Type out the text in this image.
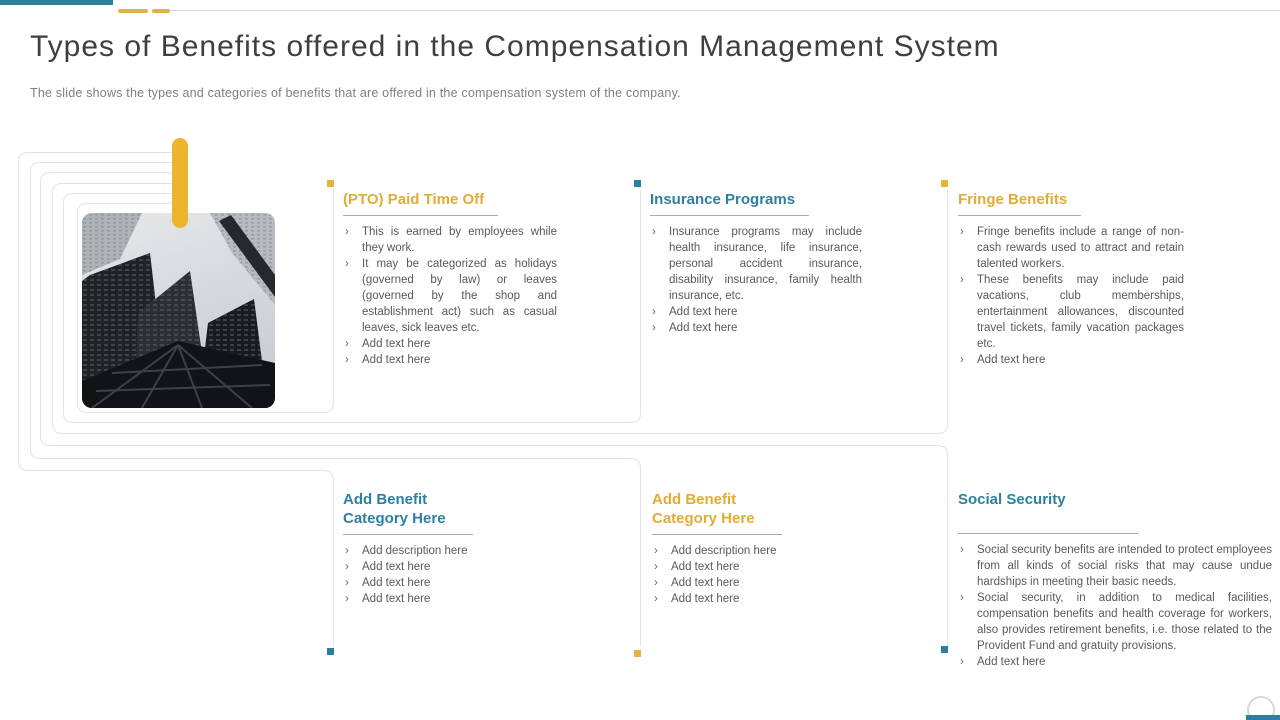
Types of Benefits offered in the Compensation Management System

The slide shows the types and categories of benefits that are offered in the compensation system of the company.

(PTO) Paid Time Off
› This is earned by employees while they work.
› It may be categorized as holidays (governed by law) or leaves (governed by the shop and establishment act) such as casual leaves, sick leaves etc.
› Add text here
› Add text here
Insurance Programs
› Insurance programs may include health insurance, life insurance, personal accident insurance, disability insurance, family health insurance, etc.
› Add text here
› Add text here
Fringe Benefits
› Fringe benefits include a range of non-cash rewards used to attract and retain talented workers.
› These benefits may include paid vacations, club memberships, entertainment allowances, discounted travel tickets, family vacation packages etc.
› Add text here
Add Benefit Category Here
› Add description here
› Add text here
› Add text here
› Add text here
Add Benefit Category Here
› Add description here
› Add text here
› Add text here
› Add text here
Social Security
› Social security benefits are intended to protect employees from all kinds of social risks that may cause undue hardships in meeting their basic needs.
› Social security, in addition to medical facilities, compensation benefits and health coverage for workers, also provides retirement benefits, i.e. those related to the Provident Fund and gratuity provisions.
› Add text here
